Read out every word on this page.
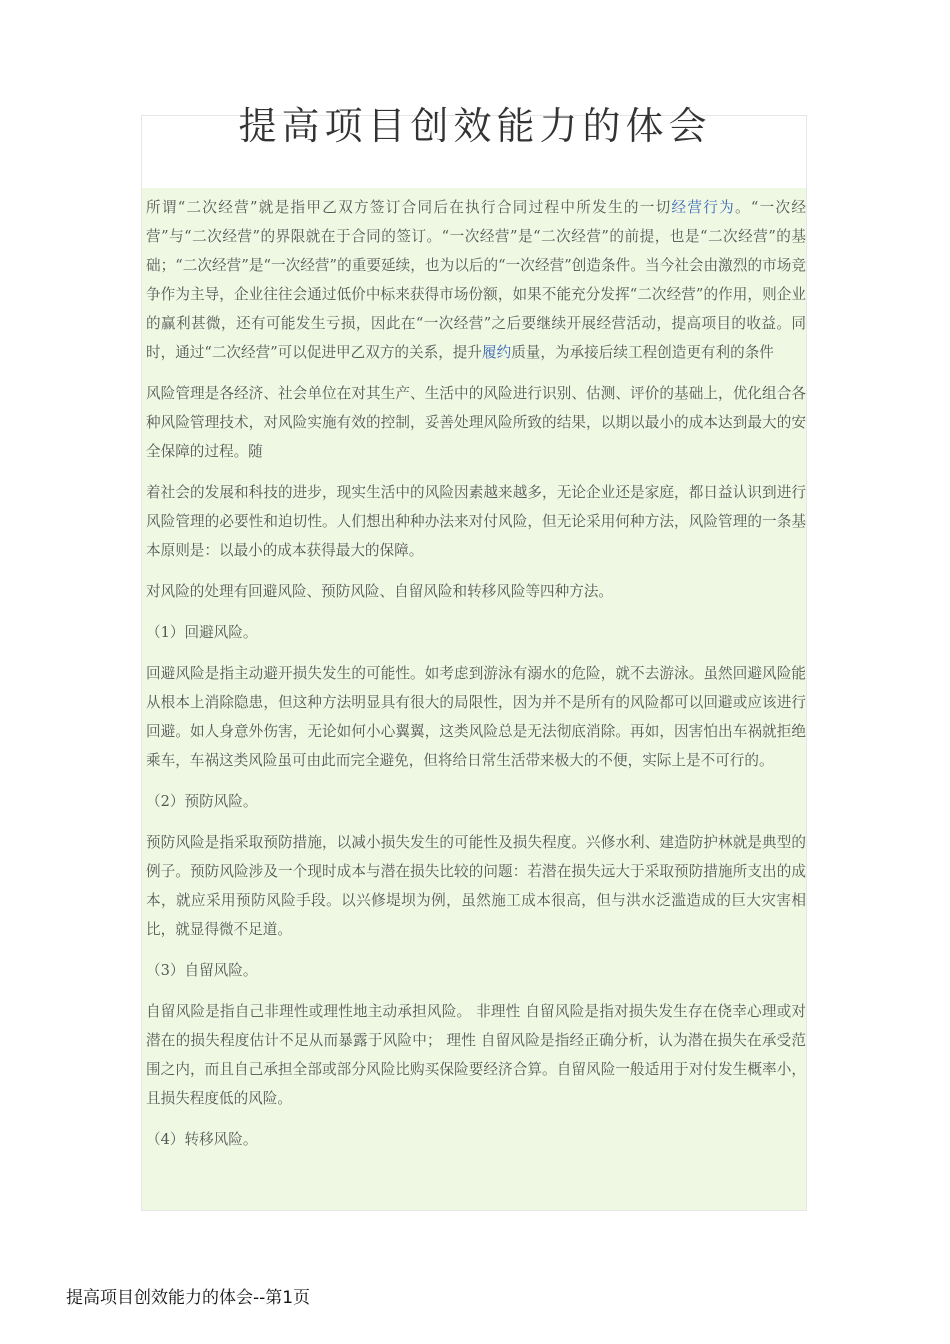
提高项目创效能力的体会

所谓“二次经营”就是指甲乙双方签订合同后在执行合同过程中所发生的一切经营行为。“一次经营”与“二次经营”的界限就在于合同的签订。“一次经营”是“二次经营”的前提，也是“二次经营”的基础；“二次经营”是“一次经营”的重要延续，也为以后的“一次经营”创造条件。当今社会由激烈的市场竞争作为主导，企业往往会通过低价中标来获得市场份额，如果不能充分发挥“二次经营”的作用，则企业的赢利甚微，还有可能发生亏损，因此在“一次经营”之后要继续开展经营活动，提高项目的收益。同时，通过“二次经营”可以促进甲乙双方的关系，提升履约质量，为承接后续工程创造更有利的条件

风险管理是各经济、社会单位在对其生产、生活中的风险进行识别、估测、评价的基础上，优化组合各种风险管理技术，对风险实施有效的控制，妥善处理风险所致的结果，以期以最小的成本达到最大的安全保障的过程。随

着社会的发展和科技的进步，现实生活中的风险因素越来越多，无论企业还是家庭，都日益认识到进行风险管理的必要性和迫切性。人们想出种种办法来对付风险，但无论采用何种方法，风险管理的一条基本原则是：以最小的成本获得最大的保障。

对风险的处理有回避风险、预防风险、自留风险和转移风险等四种方法。

（1）回避风险。

回避风险是指主动避开损失发生的可能性。如考虑到游泳有溺水的危险，就不去游泳。虽然回避风险能从根本上消除隐患，但这种方法明显具有很大的局限性，因为并不是所有的风险都可以回避或应该进行回避。如人身意外伤害，无论如何小心翼翼，这类风险总是无法彻底消除。再如，因害怕出车祸就拒绝乘车，车祸这类风险虽可由此而完全避免，但将给日常生活带来极大的不便，实际上是不可行的。

（2）预防风险。

预防风险是指采取预防措施，以减小损失发生的可能性及损失程度。兴修水利、建造防护林就是典型的例子。预防风险涉及一个现时成本与潜在损失比较的问题：若潜在损失远大于采取预防措施所支出的成本，就应采用预防风险手段。以兴修堤坝为例，虽然施工成本很高，但与洪水泛滥造成的巨大灾害相比，就显得微不足道。

（3）自留风险。

自留风险是指自己非理性或理性地主动承担风险。 非理性 自留风险是指对损失发生存在侥幸心理或对潜在的损失程度估计不足从而暴露于风险中； 理性 自留风险是指经正确分析，认为潜在损失在承受范围之内，而且自己承担全部或部分风险比购买保险要经济合算。自留风险一般适用于对付发生概率小，且损失程度低的风险。

（4）转移风险。

提高项目创效能力的体会--第1页
